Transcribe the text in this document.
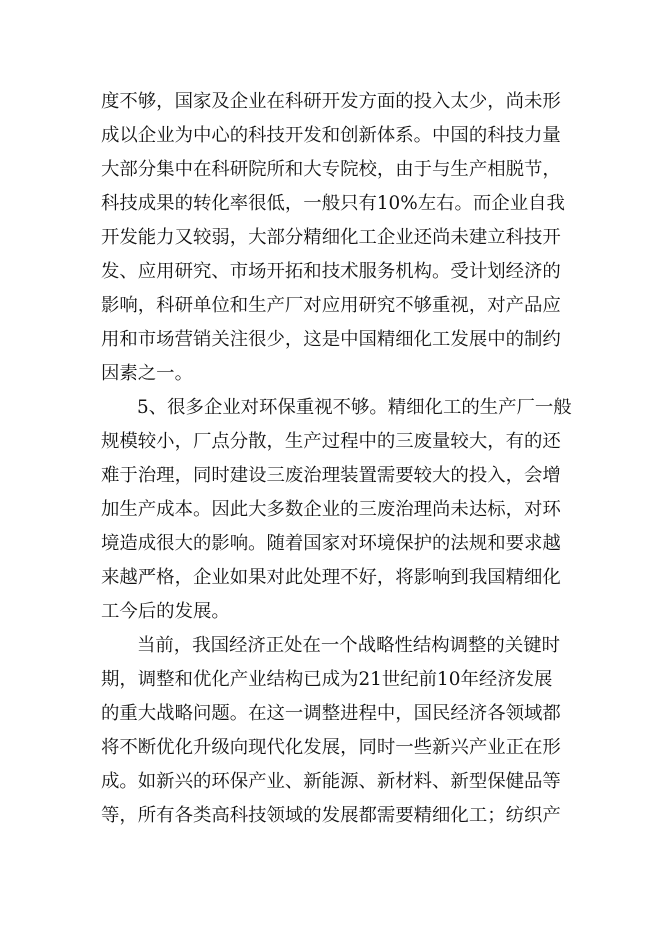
度不够，国家及企业在科研开发方面的投入太少，尚未形
成以企业为中心的科技开发和创新体系。中国的科技力量
大部分集中在科研院所和大专院校，由于与生产相脱节，
科技成果的转化率很低，一般只有10%左右。而企业自我
开发能力又较弱，大部分精细化工企业还尚未建立科技开
发、应用研究、市场开拓和技术服务机构。受计划经济的
影响，科研单位和生产厂对应用研究不够重视，对产品应
用和市场营销关注很少，这是中国精细化工发展中的制约
因素之一。
5、很多企业对环保重视不够。精细化工的生产厂一般
规模较小，厂点分散，生产过程中的三废量较大，有的还
难于治理，同时建设三废治理装置需要较大的投入，会增
加生产成本。因此大多数企业的三废治理尚未达标，对环
境造成很大的影响。随着国家对环境保护的法规和要求越
来越严格，企业如果对此处理不好，将影响到我国精细化
工今后的发展。
当前，我国经济正处在一个战略性结构调整的关键时
期，调整和优化产业结构已成为21世纪前10年经济发展
的重大战略问题。在这一调整进程中，国民经济各领域都
将不断优化升级向现代化发展，同时一些新兴产业正在形
成。如新兴的环保产业、新能源、新材料、新型保健品等
等，所有各类高科技领域的发展都需要精细化工；纺织产
